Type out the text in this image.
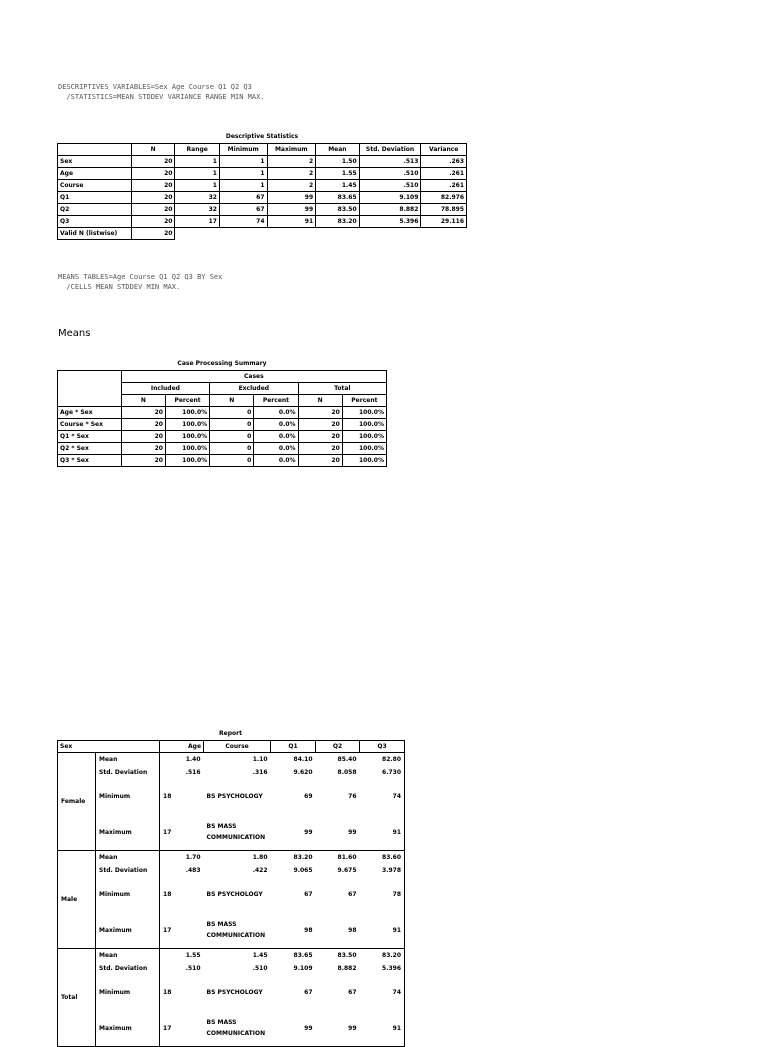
DESCRIPTIVES VARIABLES=Sex Age Course Q1 Q2 Q3
/STATISTICS=MEAN STDDEV VARIANCE RANGE MIN MAX.
Descriptive Statistics
	N	Range	Minimum	Maximum	Mean	Std. Deviation	Variance
Sex	20	1	1	2	1.50	.513	.263
Age	20	1	1	2	1.55	.510	.261
Course	20	1	1	2	1.45	.510	.261
Q1	20	32	67	99	83.65	9.109	82.976
Q2	20	32	67	99	83.50	8.882	78.895
Q3	20	17	74	91	83.20	5.396	29.116
Valid N (listwise)	20						
MEANS TABLES=Age Course Q1 Q2 Q3 BY Sex
/CELLS MEAN STDDEV MIN MAX.
Means
Case Processing Summary
	Cases					
	Included		Excluded		Total	
	N	Percent	N	Percent	N	Percent
Age * Sex	20	100.0%	0	0.0%	20	100.0%
Course * Sex	20	100.0%	0	0.0%	20	100.0%
Q1 * Sex	20	100.0%	0	0.0%	20	100.0%
Q2 * Sex	20	100.0%	0	0.0%	20	100.0%
Q3 * Sex	20	100.0%	0	0.0%	20	100.0%
Report
Sex		Age	Course	Q1	Q2	Q3
Female	Mean	1.40	1.10	84.10	85.40	82.80
	Std. Deviation	.516	.316	9.620	8.058	6.730
	Minimum	18	BS PSYCHOLOGY	69	76	74
	Maximum	17	BS MASS COMMUNICATION	99	99	91
Male	Mean	1.70	1.80	83.20	81.60	83.60
	Std. Deviation	.483	.422	9.065	9.675	3.978
	Minimum	18	BS PSYCHOLOGY	67	67	78
	Maximum	17	BS MASS COMMUNICATION	98	98	91
Total	Mean	1.55	1.45	83.65	83.50	83.20
	Std. Deviation	.510	.510	9.109	8.882	5.396
	Minimum	18	BS PSYCHOLOGY	67	67	74
	Maximum	17	BS MASS COMMUNICATION	99	99	91
